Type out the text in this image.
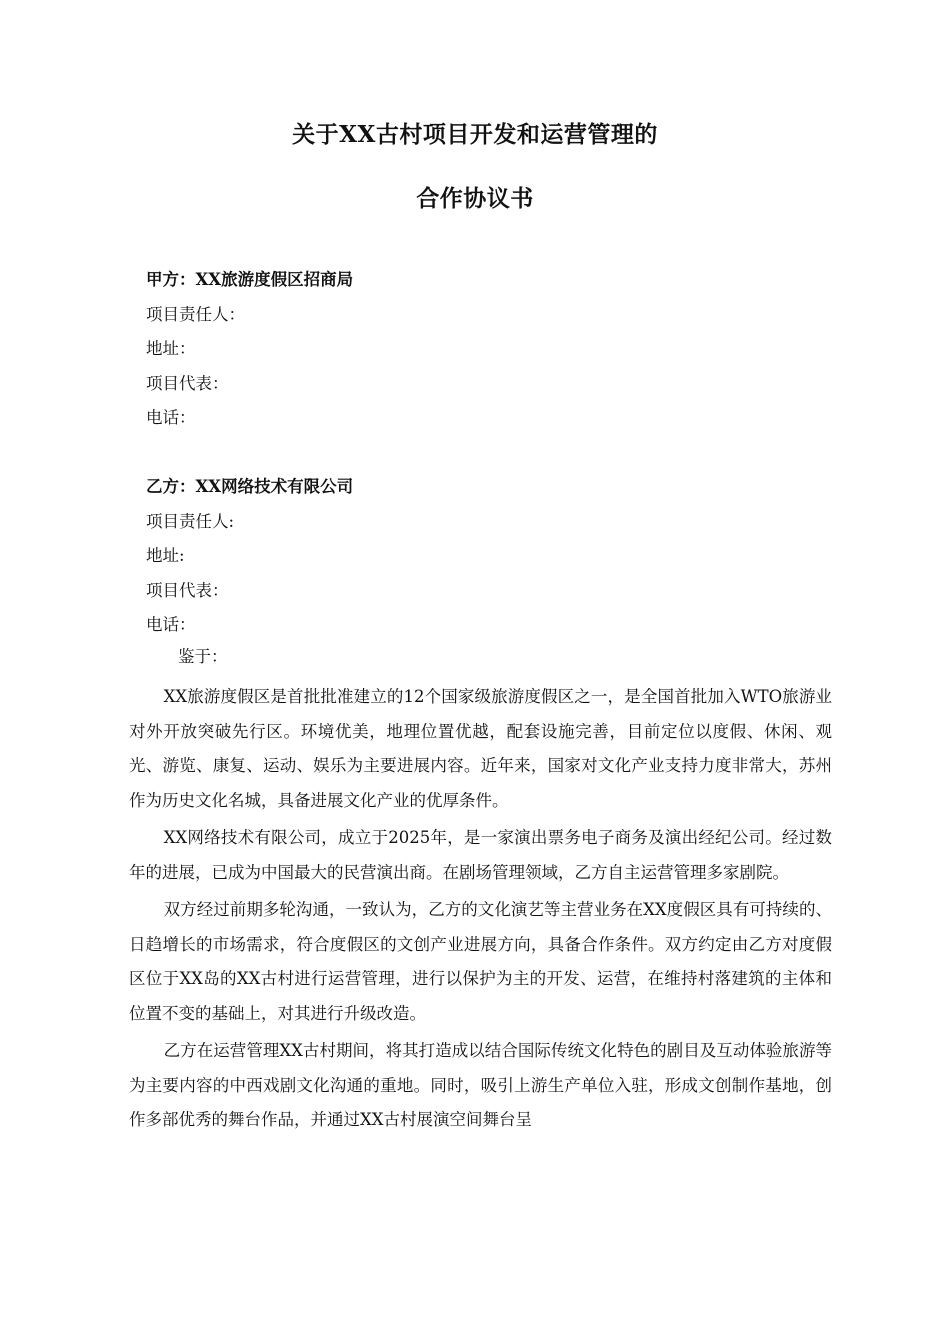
关于XX古村项目开发和运营管理的
合作协议书
甲方：XX旅游度假区招商局
项目责任人：
地址：
项目代表：
电话：
乙方：XX网络技术有限公司
项目责任人:
地址:
项目代表：
电话：
鉴于：

XX旅游度假区是首批批准建立的12个国家级旅游度假区之一，是全国首批加入WTO旅游业对外开放突破先行区。环境优美，地理位置优越，配套设施完善，目前定位以度假、休闲、观光、游览、康复、运动、娱乐为主要进展内容。近年来，国家对文化产业支持力度非常大，苏州作为历史文化名城，具备进展文化产业的优厚条件。

XX网络技术有限公司，成立于2025年，是一家演出票务电子商务及演出经纪公司。经过数年的进展，已成为中国最大的民营演出商。在剧场管理领域，乙方自主运营管理多家剧院。

双方经过前期多轮沟通，一致认为，乙方的文化演艺等主营业务在XX度假区具有可持续的、日趋增长的市场需求，符合度假区的文创产业进展方向，具备合作条件。双方约定由乙方对度假区位于XX岛的XX古村进行运营管理，进行以保护为主的开发、运营，在维持村落建筑的主体和位置不变的基础上，对其进行升级改造。

乙方在运营管理XX古村期间，将其打造成以结合国际传统文化特色的剧目及互动体验旅游等为主要内容的中西戏剧文化沟通的重地。同时，吸引上游生产单位入驻，形成文创制作基地，创作多部优秀的舞台作品，并通过XX古村展演空间舞台呈
